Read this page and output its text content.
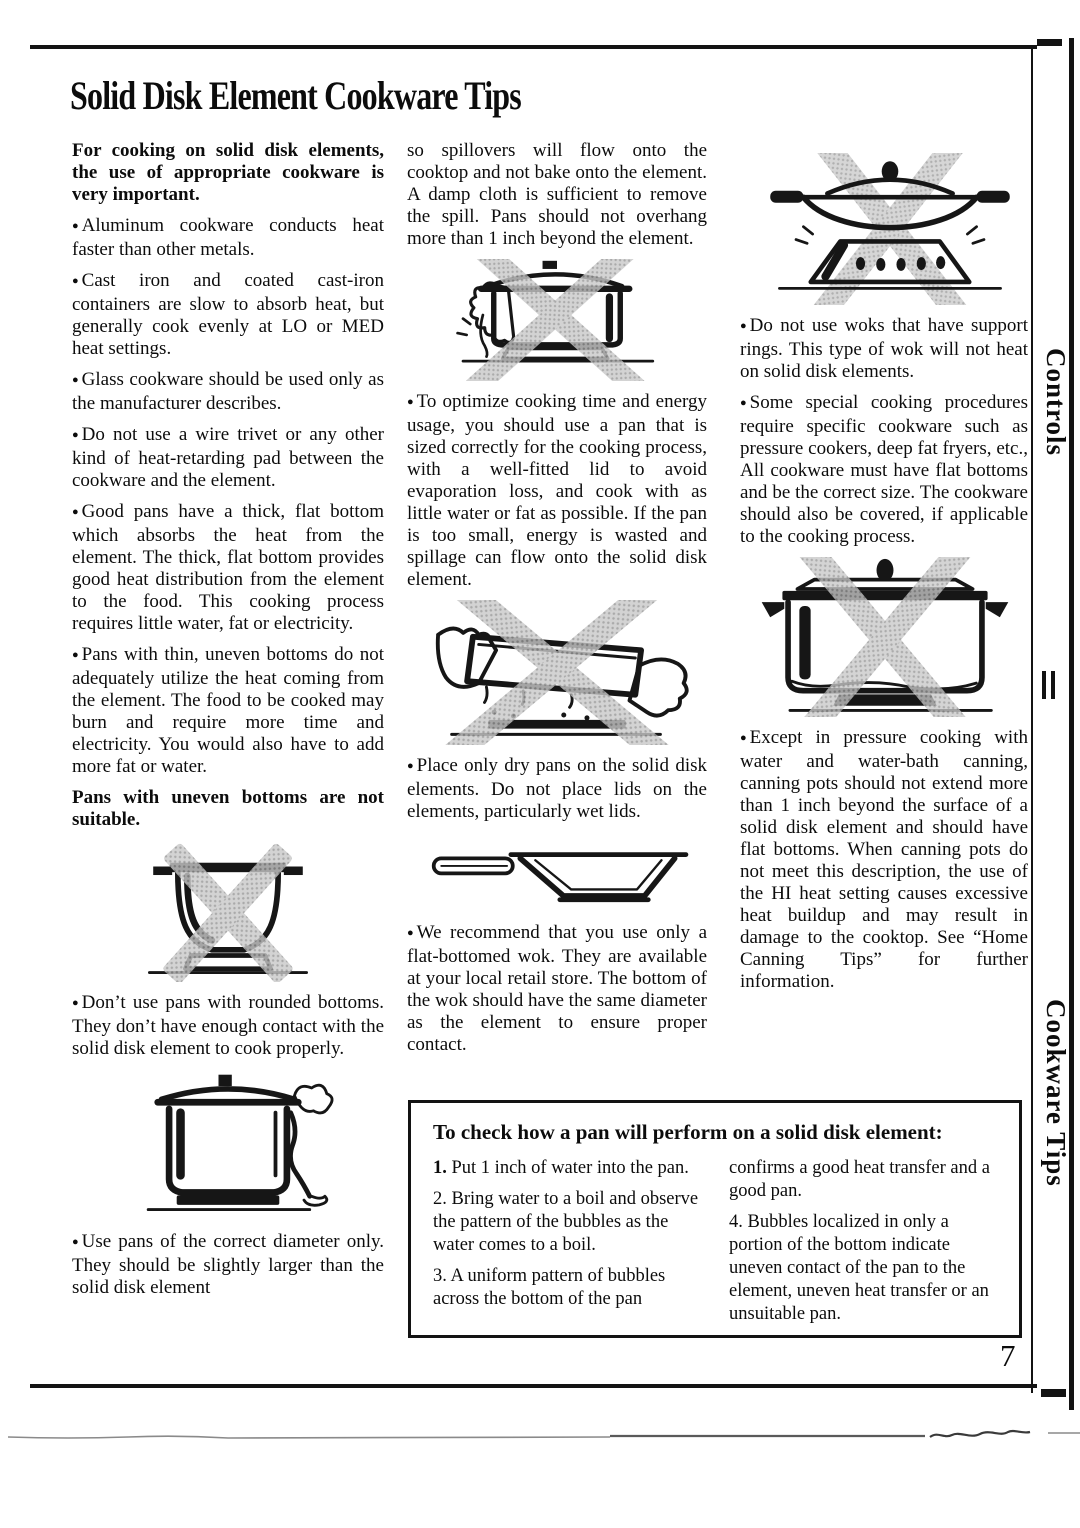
Solid Disk Element Cookware Tips
Controls
Cookware Tips

For cooking on solid disk elements, the use of appropriate cookware is very important.

● Aluminum cookware conducts heat faster than other metals.

● Cast iron and coated cast-iron containers are slow to absorb heat, but generally cook evenly at LO or MED heat settings.

● Glass cookware should be used only as the manufacturer describes.

● Do not use a wire trivet or any other kind of heat-retarding pad between the cookware and the element.

● Good pans have a thick, flat bottom which absorbs the heat from the element. The thick, flat bottom provides good heat distribution from the element to the food. This cooking process requires little water, fat or electricity.

● Pans with thin, uneven bottoms do not adequately utilize the heat coming from the element. The food to be cooked may burn and require more time and electricity. You would also have to add more fat or water.

Pans with uneven bottoms are not suitable.

● Don’t use pans with rounded bottoms. They don’t have enough contact with the solid disk element to cook properly.

● Use pans of the correct diameter only. They should be slightly larger than the solid disk element

so spillovers will flow onto the cooktop and not bake onto the element. A damp cloth is sufficient to remove the spill. Pans should not overhang more than 1 inch beyond the element.

● To optimize cooking time and energy usage, you should use a pan that is sized correctly for the cooking process, with a well-fitted lid to avoid evaporation loss, and cook with as little water or fat as possible. If the pan is too small, energy is wasted and spillage can flow onto the solid disk element.

● Place only dry pans on the solid disk elements. Do not place lids on the elements, particularly wet lids.

● We recommend that you use only a flat-bottomed wok. They are available at your local retail store. The bottom of the wok should have the same diameter as the element to ensure proper contact.

● Do not use woks that have support rings. This type of wok will not heat on solid disk elements.

● Some special cooking procedures require specific cookware such as pressure cookers, deep fat fryers, etc., All cookware must have flat bottoms and be the correct size. The cookware should also be covered, if applicable to the cooking process.

● Except in pressure cooking with water and water-bath canning, canning pots should not extend more than 1 inch beyond the surface of a solid disk element and should have flat bottoms. When canning pots do not meet this description, the use of the HI heat setting causes excessive heat buildup and may result in damage to the cooktop. See “Home Canning Tips” for further information.

To check how a pan will perform on a solid disk element:

1. Put 1 inch of water into the pan.

2. Bring water to a boil and observe the pattern of the bubbles as the water comes to a boil.

3. A uniform pattern of bubbles across the bottom of the pan

confirms a good heat transfer and a good pan.

4. Bubbles localized in only a portion of the bottom indicate uneven contact of the pan to the element, uneven heat transfer or an unsuitable pan.

7
